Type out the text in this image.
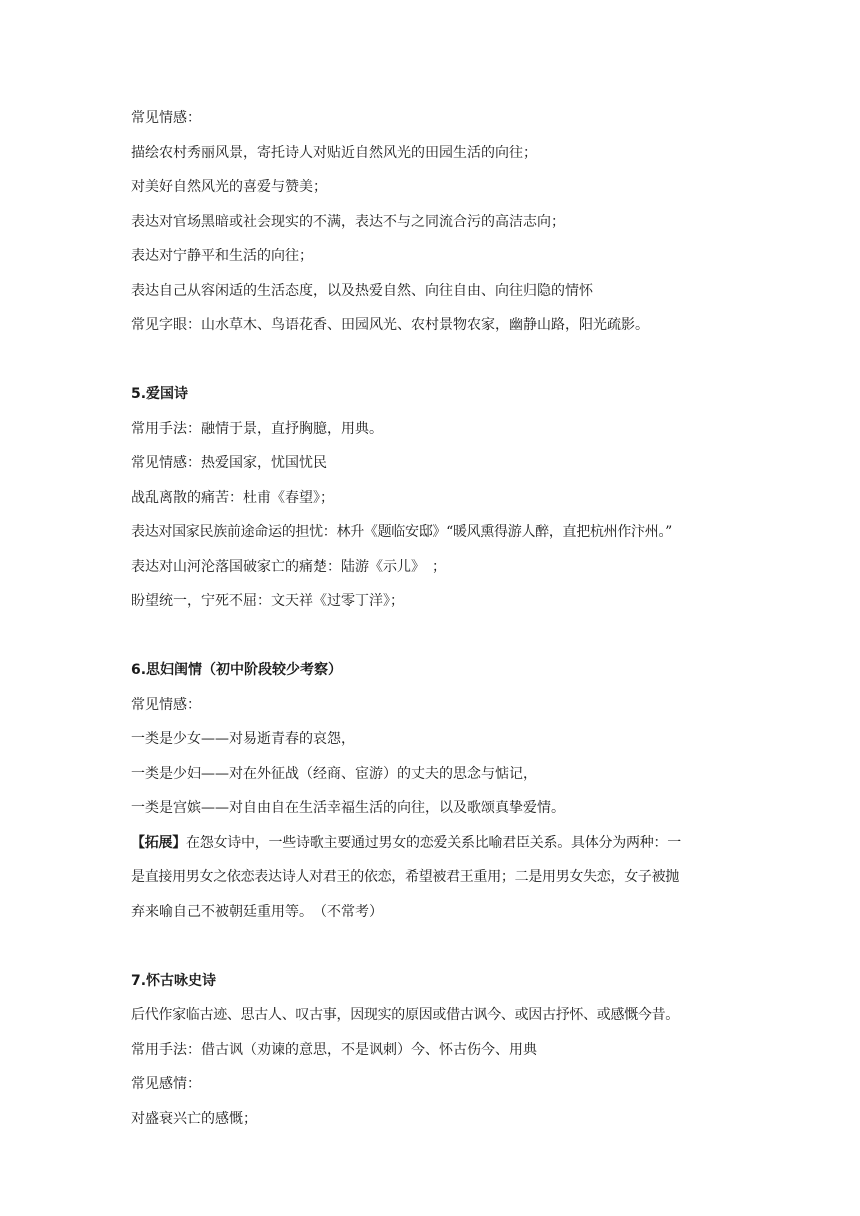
常见情感：
描绘农村秀丽风景，寄托诗人对贴近自然风光的田园生活的向往；
对美好自然风光的喜爱与赞美；
表达对官场黑暗或社会现实的不满，表达不与之同流合污的高洁志向；
表达对宁静平和生活的向往；
表达自己从容闲适的生活态度，以及热爱自然、向往自由、向往归隐的情怀
常见字眼：山水草木、鸟语花香、田园风光、农村景物农家，幽静山路，阳光疏影。
5.爱国诗
常用手法：融情于景，直抒胸臆，用典。
常见情感：热爱国家，忧国忧民
战乱离散的痛苦：杜甫《春望》；
表达对国家民族前途命运的担忧：林升《题临安邸》“暖风熏得游人醉，直把杭州作汴州。”
表达对山河沦落国破家亡的痛楚：陆游《示儿》　；
盼望统一，宁死不屈：文天祥《过零丁洋》；
6.思妇闺情（初中阶段较少考察）
常见情感：
一类是少女——对易逝青春的哀怨，
一类是少妇——对在外征战（经商、宦游）的丈夫的思念与惦记，
一类是宫嫔——对自由自在生活幸福生活的向往，以及歌颂真挚爱情。
【拓展】在怨女诗中，一些诗歌主要通过男女的恋爱关系比喻君臣关系。具体分为两种：一
是直接用男女之依恋表达诗人对君王的依恋，希望被君王重用；二是用男女失恋，女子被抛
弃来喻自己不被朝廷重用等。　（不常考）
7.怀古咏史诗
后代作家临古迹、思古人、叹古事，因现实的原因或借古讽今、或因古抒怀、或感慨今昔。
常用手法：借古讽（劝谏的意思，不是讽刺）今、怀古伤今、用典
常见感情：
对盛衰兴亡的感慨；
